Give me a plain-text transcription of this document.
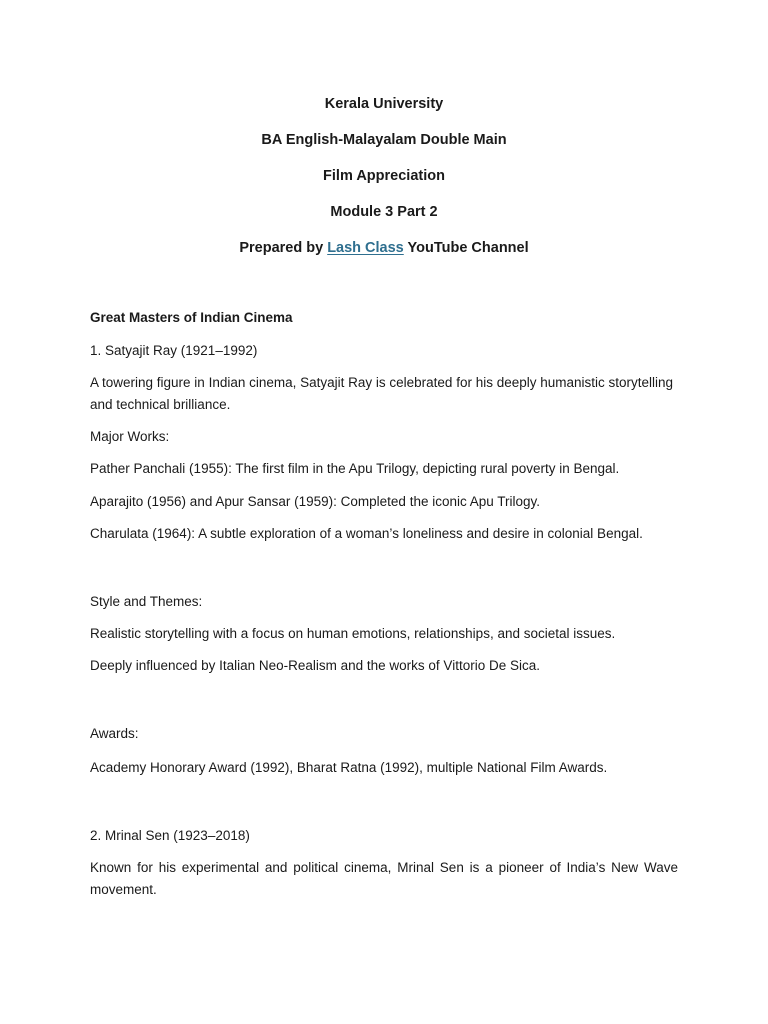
Kerala University
BA English-Malayalam Double Main
Film Appreciation
Module 3 Part 2
Prepared by Lash Class YouTube Channel
Great Masters of Indian Cinema
1. Satyajit Ray (1921–1992)
A towering figure in Indian cinema, Satyajit Ray is celebrated for his deeply humanistic storytelling and technical brilliance.
Major Works:
Pather Panchali (1955): The first film in the Apu Trilogy, depicting rural poverty in Bengal.
Aparajito (1956) and Apur Sansar (1959): Completed the iconic Apu Trilogy.
Charulata (1964): A subtle exploration of a woman’s loneliness and desire in colonial Bengal.
Style and Themes:
Realistic storytelling with a focus on human emotions, relationships, and societal issues.
Deeply influenced by Italian Neo-Realism and the works of Vittorio De Sica.
Awards:
Academy Honorary Award (1992), Bharat Ratna (1992), multiple National Film Awards.
2. Mrinal Sen (1923–2018)
Known for his experimental and political cinema, Mrinal Sen is a pioneer of India’s New Wave movement.
